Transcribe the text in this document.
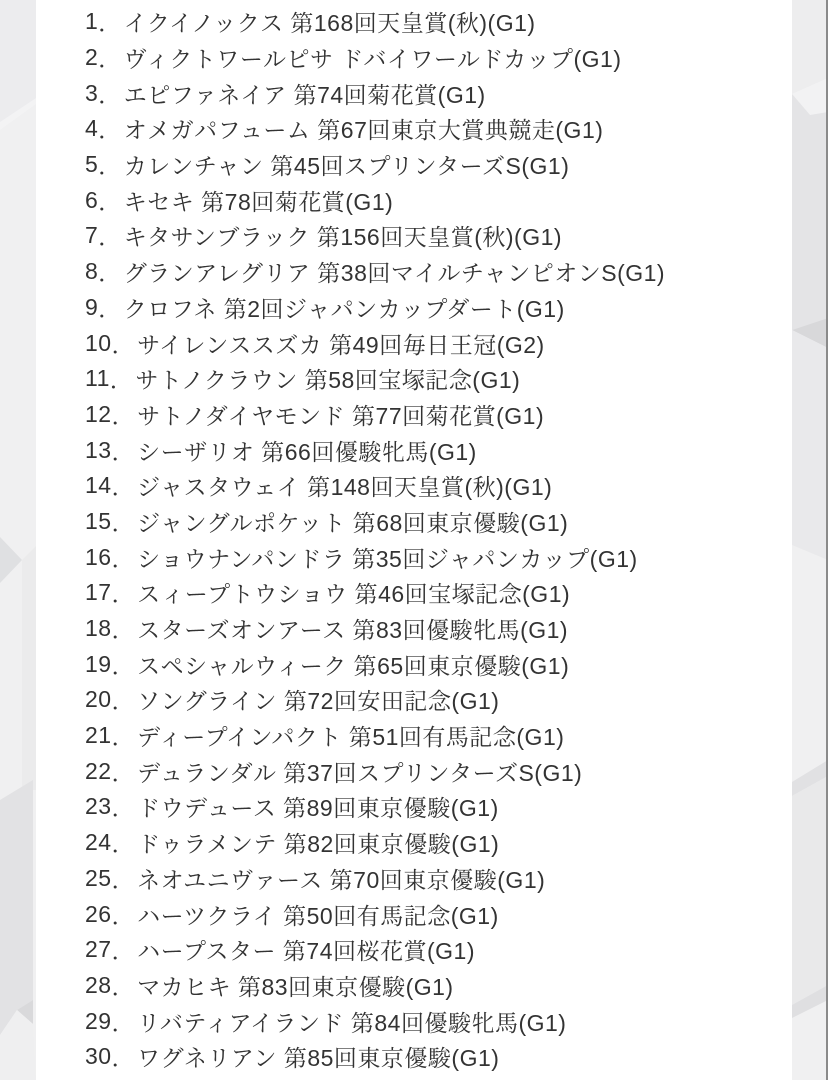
1 ． イクイノックス 第168回天皇賞(秋)(G1)
2 ． ヴィクトワールピサ ドバイワールドカップ(G1)
3 ． エピファネイア 第74回菊花賞(G1)
4 ． オメガパフューム 第67回東京大賞典競走(G1)
5 ． カレンチャン 第45回スプリンターズS(G1)
6 ． キセキ 第78回菊花賞(G1)
7 ． キタサンブラック 第156回天皇賞(秋)(G1)
8 ． グランアレグリア 第38回マイルチャンピオンS(G1)
9 ． クロフネ 第2回ジャパンカップダート(G1)
10 ． サイレンススズカ 第49回毎日王冠(G2)
11 ． サトノクラウン 第58回宝塚記念(G1)
12 ． サトノダイヤモンド 第77回菊花賞(G1)
13 ． シーザリオ 第66回優駿牝馬(G1)
14 ． ジャスタウェイ 第148回天皇賞(秋)(G1)
15 ． ジャングルポケット 第68回東京優駿(G1)
16 ． ショウナンパンドラ 第35回ジャパンカップ(G1)
17 ． スィープトウショウ 第46回宝塚記念(G1)
18 ． スターズオンアース 第83回優駿牝馬(G1)
19 ． スペシャルウィーク 第65回東京優駿(G1)
20 ． ソングライン 第72回安田記念(G1)
21 ． ディープインパクト 第51回有馬記念(G1)
22 ． デュランダル 第37回スプリンターズS(G1)
23 ． ドウデュース 第89回東京優駿(G1)
24 ． ドゥラメンテ 第82回東京優駿(G1)
25 ． ネオユニヴァース 第70回東京優駿(G1)
26 ． ハーツクライ 第50回有馬記念(G1)
27 ． ハープスター 第74回桜花賞(G1)
28 ． マカヒキ 第83回東京優駿(G1)
29 ． リバティアイランド 第84回優駿牝馬(G1)
30 ． ワグネリアン 第85回東京優駿(G1)
